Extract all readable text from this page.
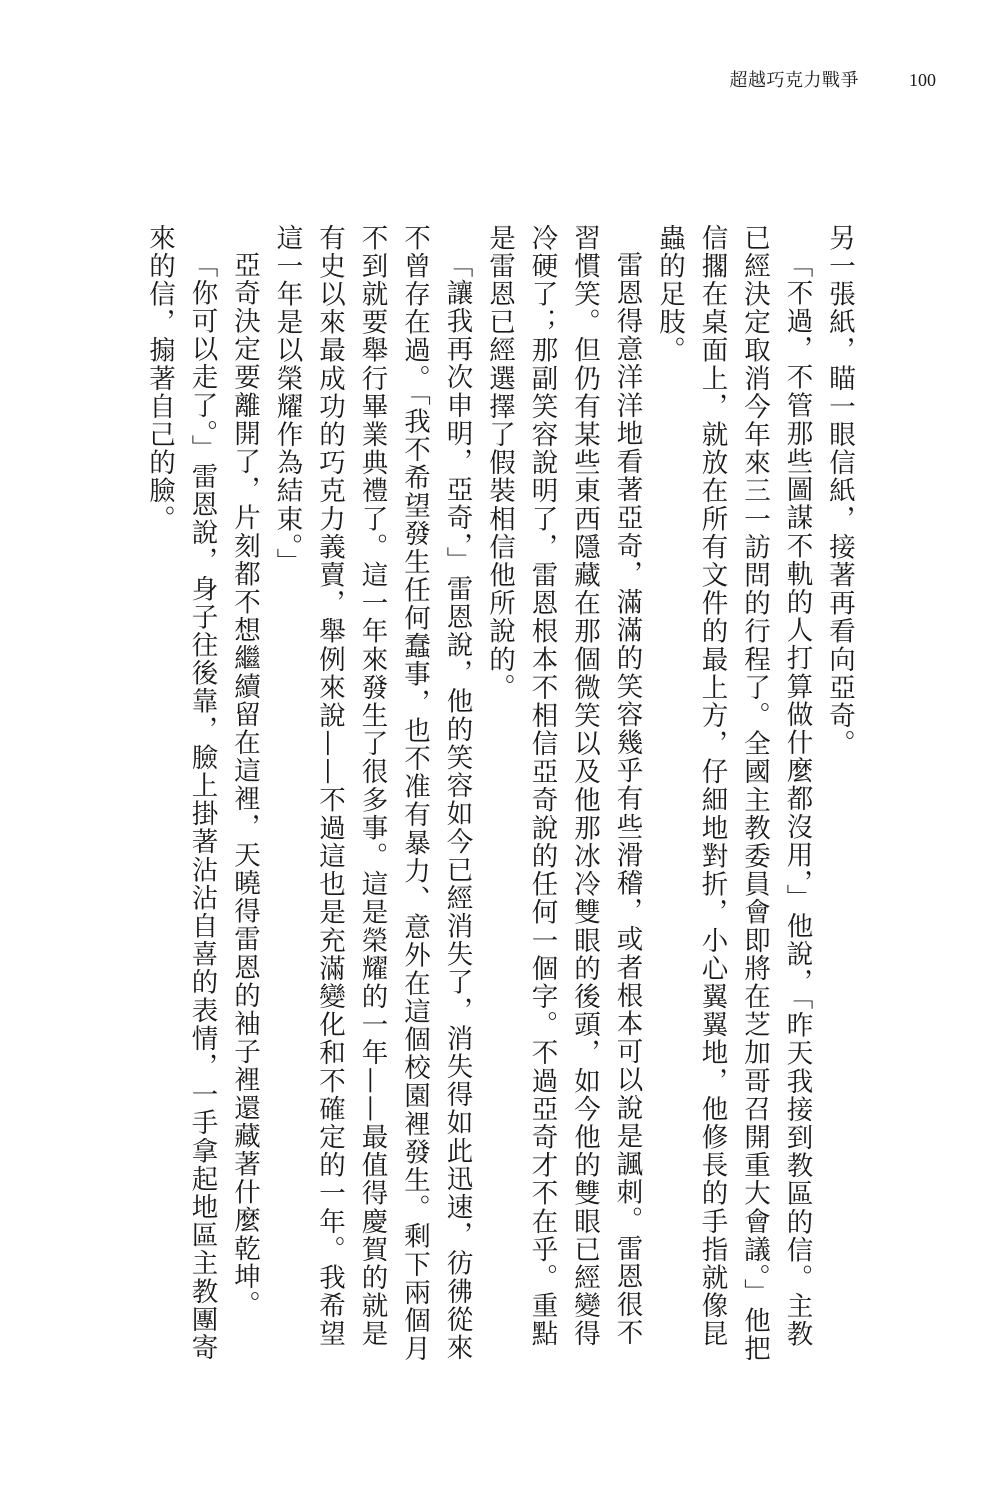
超越巧克力戰爭	100

另一張紙，瞄一眼信紙，接著再看向亞奇。

「不過，不管那些圖謀不軌的人打算做什麼都沒用，」他說，「昨天我接到教區的信。主教已經決定取消今年來三一訪問的行程了。全國主教委員會即將在芝加哥召開重大會議。」他把信擱在桌面上，就放在所有文件的最上方，仔細地對折，小心翼翼地，他修長的手指就像昆蟲的足肢。

雷恩得意洋洋地看著亞奇，滿滿的笑容幾乎有些滑稽，或者根本可以說是諷刺。雷恩很不習慣笑。但仍有某些東西隱藏在那個微笑以及他那冰冷雙眼的後頭，如今他的雙眼已經變得冷硬了；那副笑容說明了，雷恩根本不相信亞奇說的任何一個字。不過亞奇才不在乎。重點是雷恩已經選擇了假裝相信他所說的。

「讓我再次申明，亞奇，」雷恩說，他的笑容如今已經消失了，消失得如此迅速，彷彿從來不曾存在過。「我不希望發生任何蠢事，也不准有暴力、意外在這個校園裡發生。剩下兩個月不到就要舉行畢業典禮了。這一年來發生了很多事。這是榮耀的一年——最值得慶賀的就是有史以來最成功的巧克力義賣，舉例來說——不過這也是充滿變化和不確定的一年。我希望這一年是以榮耀作為結束。」

亞奇決定要離開了，片刻都不想繼續留在這裡，天曉得雷恩的袖子裡還藏著什麼乾坤。

「你可以走了。」雷恩說，身子往後靠，臉上掛著沾沾自喜的表情，一手拿起地區主教團寄來的信，搧著自己的臉。
